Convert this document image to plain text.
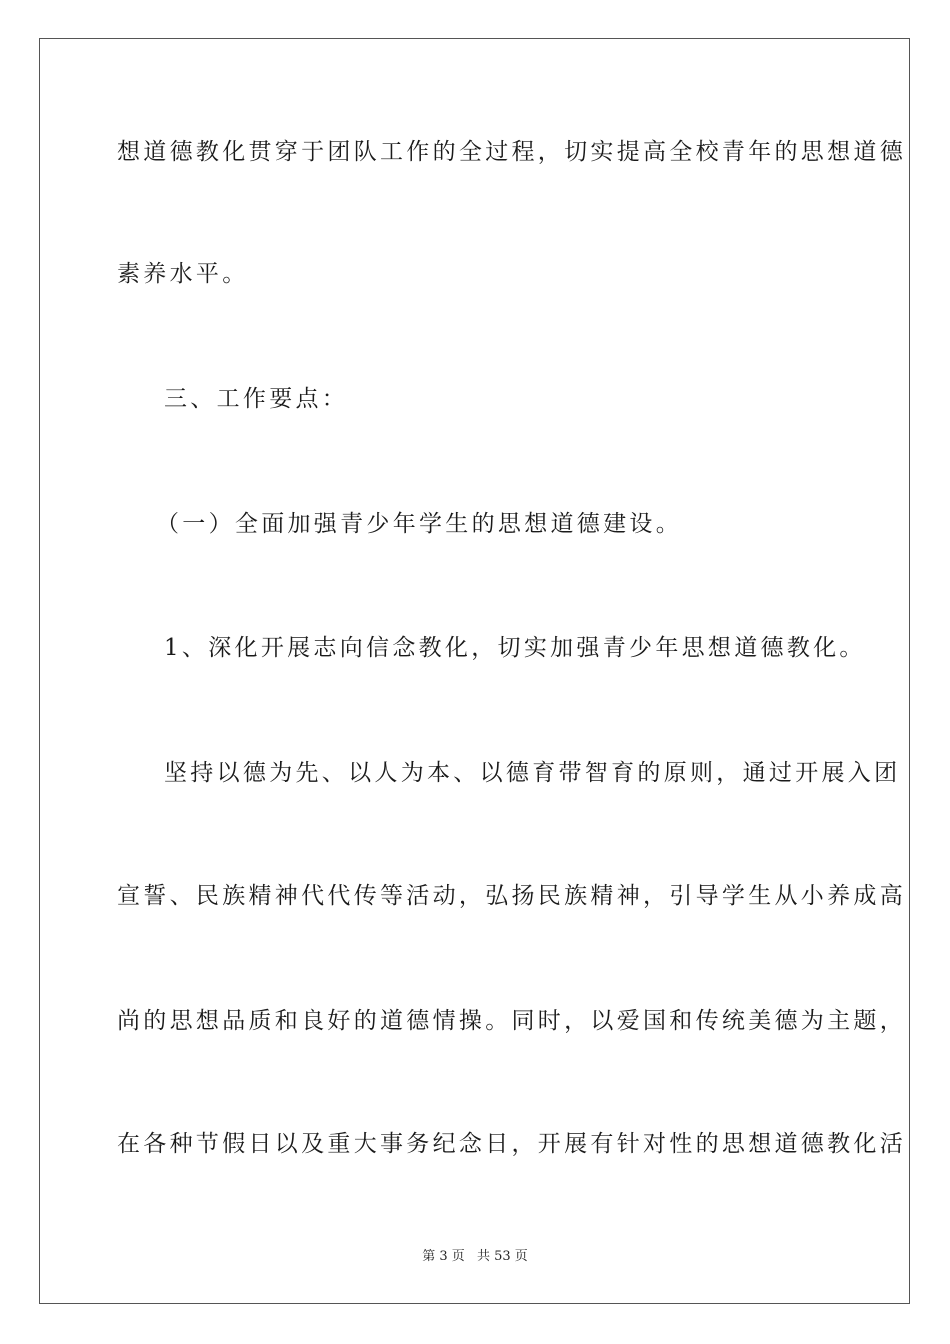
想道德教化贯穿于团队工作的全过程，切实提高全校青年的思想道德
素养水平。
三、工作要点：
（一）全面加强青少年学生的思想道德建设。
1、深化开展志向信念教化，切实加强青少年思想道德教化。
坚持以德为先、以人为本、以德育带智育的原则，通过开展入团
宣誓、民族精神代代传等活动，弘扬民族精神，引导学生从小养成高
尚的思想品质和良好的道德情操。同时，以爱国和传统美德为主题，
在各种节假日以及重大事务纪念日，开展有针对性的思想道德教化活
第 3 页 共 53 页
